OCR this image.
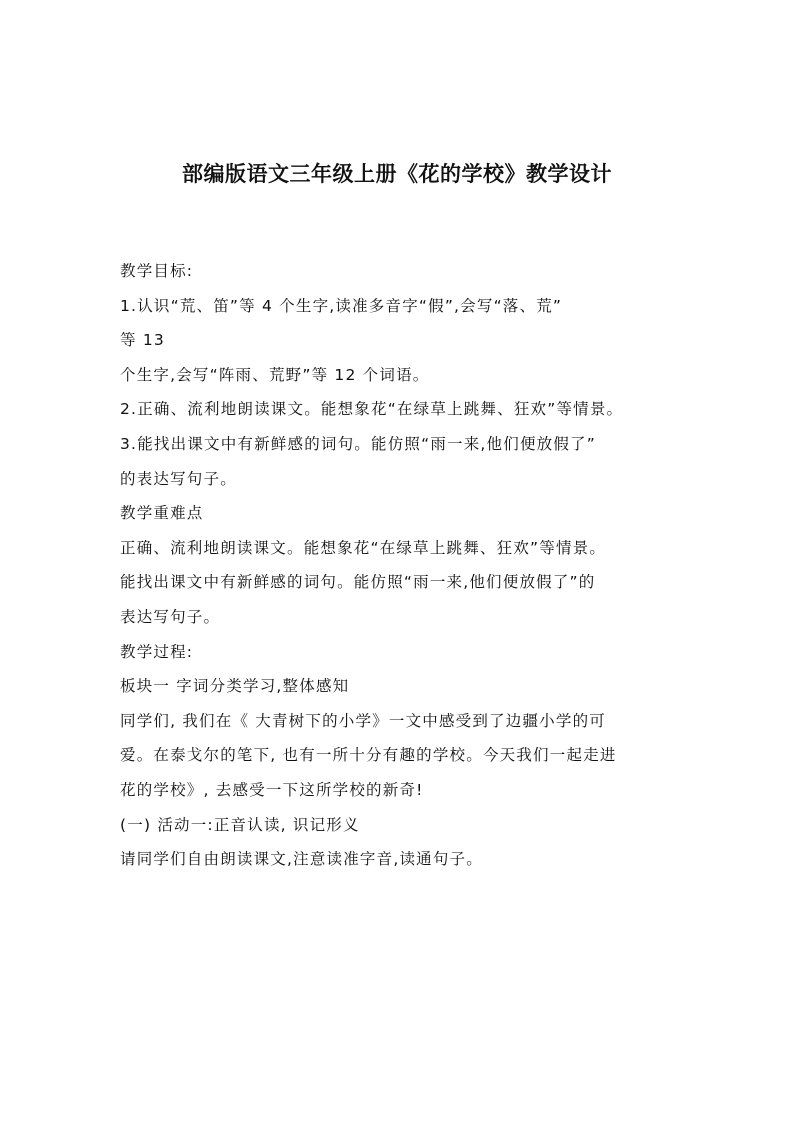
部编版语文三年级上册《花的学校》教学设计
教学目标:
1.认识“荒、笛”等 4 个生字,读准多音字“假”,会写“落、荒”
等 13
个生字,会写“阵雨、荒野”等 12 个词语。
2.正确、流利地朗读课文。能想象花“在绿草上跳舞、狂欢”等情景。
3.能找出课文中有新鲜感的词句。能仿照“雨一来,他们便放假了”
的表达写句子。
教学重难点
正确、流利地朗读课文。能想象花“在绿草上跳舞、狂欢”等情景。
能找出课文中有新鲜感的词句。能仿照“雨一来,他们便放假了”的
表达写句子。
教学过程:
板块一 字词分类学习,整体感知
同学们, 我们在《 大青树下的小学》一文中感受到了边疆小学的可
爱。在泰戈尔的笔下, 也有一所十分有趣的学校。今天我们一起走进
花的学校》, 去感受一下这所学校的新奇!
(一) 活动一:正音认读, 识记形义
请同学们自由朗读课文,注意读准字音,读通句子。
